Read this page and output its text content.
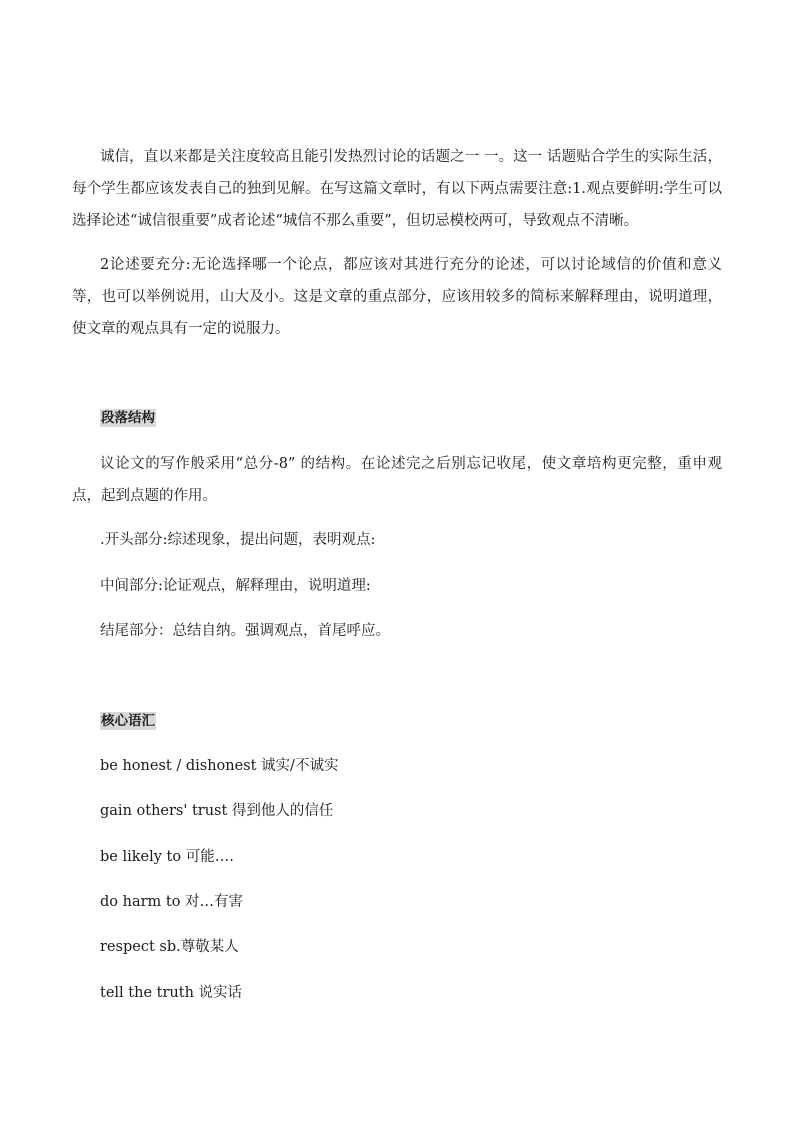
诚信，直以来都是关注度较高且能引发热烈讨论的话题之一 一。这一 话题贴合学生的实际生活，每个学生都应该发表自己的独到见解。在写这篇文章时，有以下两点需要注意:1.观点要鲜明:学生可以选择论述“诚信很重要”成者论述“城信不那么重要”，但切忌模校两可，导致观点不清晰。

2论述要充分:无论选择哪一个论点，都应该对其进行充分的论述，可以讨论域信的价值和意义等，也可以举例说用，山大及小。这是文章的重点部分，应该用较多的简标来解释理由，说明道理，使文章的观点具有一定的说服力。

段落结构

议论文的写作般采用“总分-8” 的结构。在论述完之后别忘记收尾，使文章培构更完整，重申观点，起到点题的作用。

.开头部分:综述现象，提出问题，表明观点:

中间部分:论证观点，解释理由，说明道理:

结尾部分：总结自纳。强调观点，首尾呼应。

核心语汇

be honest / dishonest 诚实/不诚实

gain others' trust 得到他人的信任

be likely to 可能….

do harm to 对…有害

respect sb.尊敬某人

tell the truth 说实话
